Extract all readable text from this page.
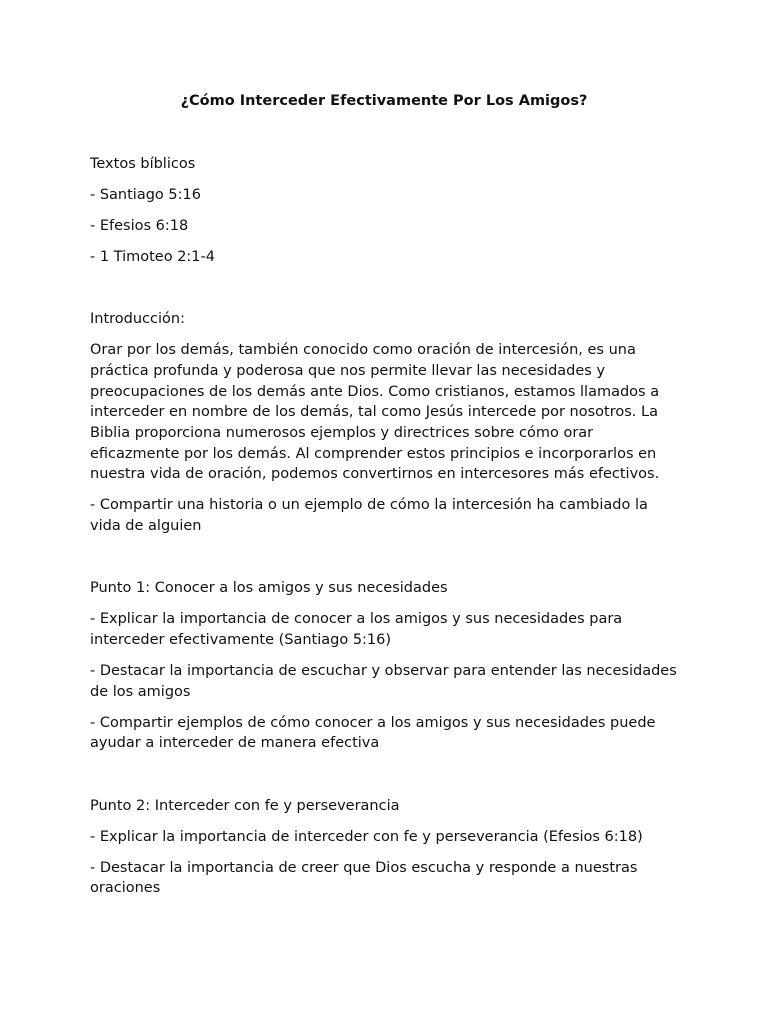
¿Cómo Interceder Efectivamente Por Los Amigos?

Textos bíblicos

- Santiago 5:16

- Efesios 6:18

- 1 Timoteo 2:1-4

Introducción:

Orar por los demás, también conocido como oración de intercesión, es una práctica profunda y poderosa que nos permite llevar las necesidades y preocupaciones de los demás ante Dios. Como cristianos, estamos llamados a interceder en nombre de los demás, tal como Jesús intercede por nosotros. La Biblia proporciona numerosos ejemplos y directrices sobre cómo orar eficazmente por los demás. Al comprender estos principios e incorporarlos en nuestra vida de oración, podemos convertirnos en intercesores más efectivos.

- Compartir una historia o un ejemplo de cómo la intercesión ha cambiado la vida de alguien

Punto 1: Conocer a los amigos y sus necesidades

- Explicar la importancia de conocer a los amigos y sus necesidades para interceder efectivamente (Santiago 5:16)

- Destacar la importancia de escuchar y observar para entender las necesidades de los amigos

- Compartir ejemplos de cómo conocer a los amigos y sus necesidades puede ayudar a interceder de manera efectiva

Punto 2: Interceder con fe y perseverancia

- Explicar la importancia de interceder con fe y perseverancia (Efesios 6:18)

- Destacar la importancia de creer que Dios escucha y responde a nuestras oraciones
